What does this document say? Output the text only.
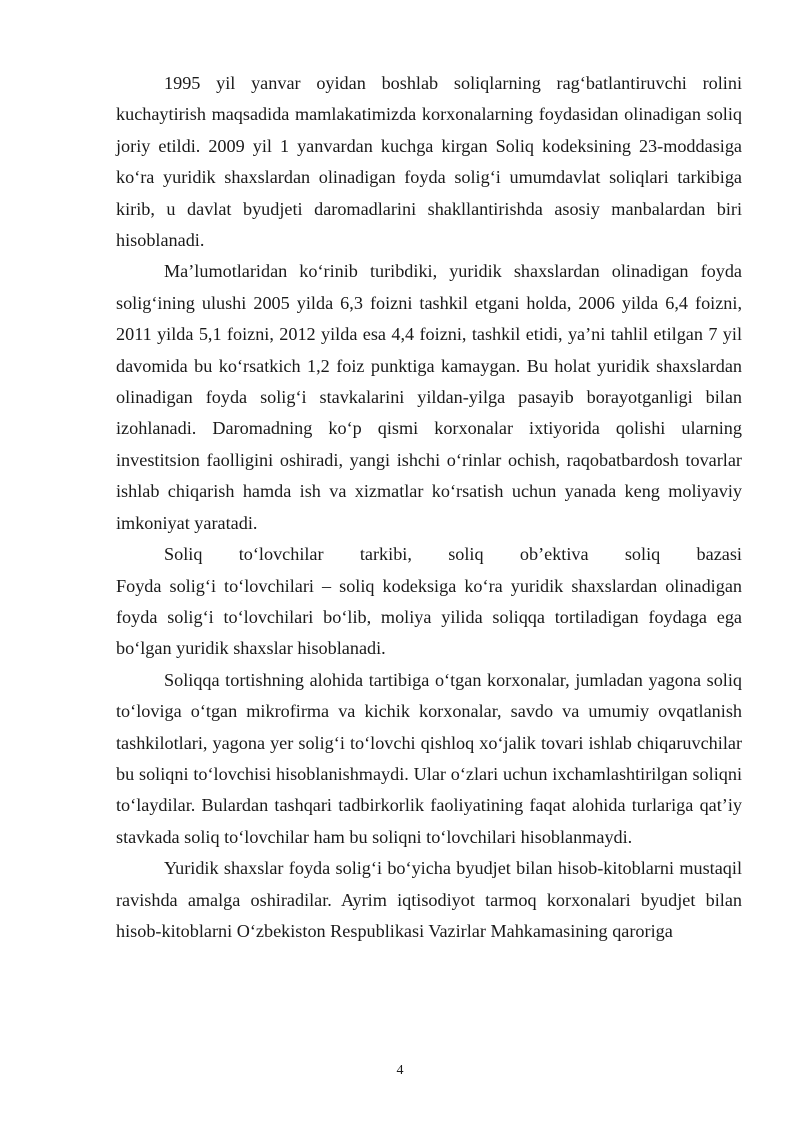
1995 yil yanvar oyidan boshlab soliqlarning rag‘batlantiruvchi rolini kuchaytirish maqsadida mamlakatimizda korxonalarning foydasidan olinadigan soliq joriy etildi. 2009 yil 1 yanvardan kuchga kirgan Soliq kodeksining 23-moddasiga ko‘ra yuridik shaxslardan olinadigan foyda solig‘i umumdavlat soliqlari tarkibiga kirib, u davlat byudjeti daromadlarini shakllantirishda asosiy manbalardan biri hisoblanadi.

Ma’lumotlaridan ko‘rinib turibdiki, yuridik shaxslardan olinadigan foyda solig‘ining ulushi 2005 yilda 6,3 foizni tashkil etgani holda, 2006 yilda 6,4 foizni, 2011 yilda 5,1 foizni, 2012 yilda esa 4,4 foizni, tashkil etidi, ya’ni tahlil etilgan 7 yil davomida bu ko‘rsatkich 1,2 foiz punktiga kamaygan. Bu holat yuridik shaxslardan olinadigan foyda solig‘i stavkalarini yildan-yilga pasayib borayotganligi bilan izohlanadi. Daromadning ko‘p qismi korxonalar ixtiyorida qolishi ularning investitsion faolligini oshiradi, yangi ishchi o‘rinlar ochish, raqobatbardosh tovarlar ishlab chiqarish hamda ish va xizmatlar ko‘rsatish uchun yanada keng moliyaviy imkoniyat yaratadi.

Soliq to‘lovchilar tarkibi, soliq ob’ektiva soliq bazasi

Foyda solig‘i to‘lovchilari – soliq kodeksiga ko‘ra yuridik shaxslardan olinadigan foyda solig‘i to‘lovchilari bo‘lib, moliya yilida soliqqa tortiladigan foydaga ega bo‘lgan yuridik shaxslar hisoblanadi.

Soliqqa tortishning alohida tartibiga o‘tgan korxonalar, jumladan yagona soliq to‘loviga o‘tgan mikrofirma va kichik korxonalar, savdo va umumiy ovqatlanish tashkilotlari, yagona yer solig‘i to‘lovchi qishloq xo‘jalik tovari ishlab chiqaruvchilar bu soliqni to‘lovchisi hisoblanishmaydi. Ular o‘zlari uchun ixchamlashtirilgan soliqni to‘laydilar. Bulardan tashqari tadbirkorlik faoliyatining faqat alohida turlariga qat’iy stavkada soliq to‘lovchilar ham bu soliqni to‘lovchilari hisoblanmaydi.

Yuridik shaxslar foyda solig‘i bo‘yicha byudjet bilan hisob-kitoblarni mustaqil ravishda amalga oshiradilar. Ayrim iqtisodiyot tarmoq korxonalari byudjet bilan hisob-kitoblarni O‘zbekiston Respublikasi Vazirlar Mahkamasining qaroriga

4
